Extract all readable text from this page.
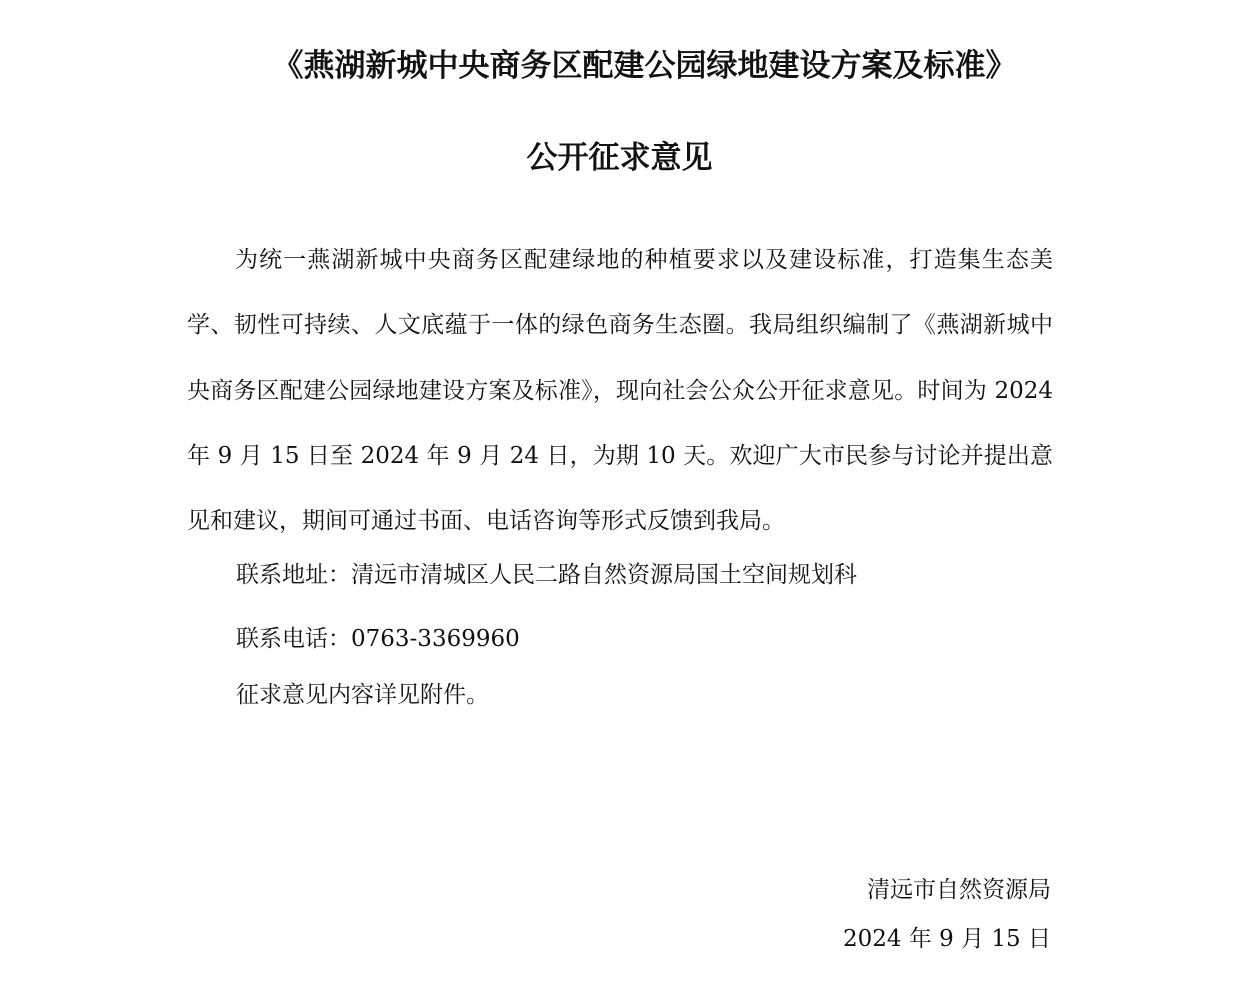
《燕湖新城中央商务区配建公园绿地建设方案及标准》
公开征求意见

为统一燕湖新城中央商务区配建绿地的种植要求以及建设标准，打造集生态美学、韧性可持续、人文底蕴于一体的绿色商务生态圈。我局组织编制了《燕湖新城中央商务区配建公园绿地建设方案及标准》，现向社会公众公开征求意见。时间为 2024 年 9 月 15 日至 2024 年 9 月 24 日，为期 10 天。欢迎广大市民参与讨论并提出意见和建议，期间可通过书面、电话咨询等形式反馈到我局。

联系地址：清远市清城区人民二路自然资源局国土空间规划科

联系电话：0763-3369960

征求意见内容详见附件。

清远市自然资源局

2024 年 9 月 15 日
